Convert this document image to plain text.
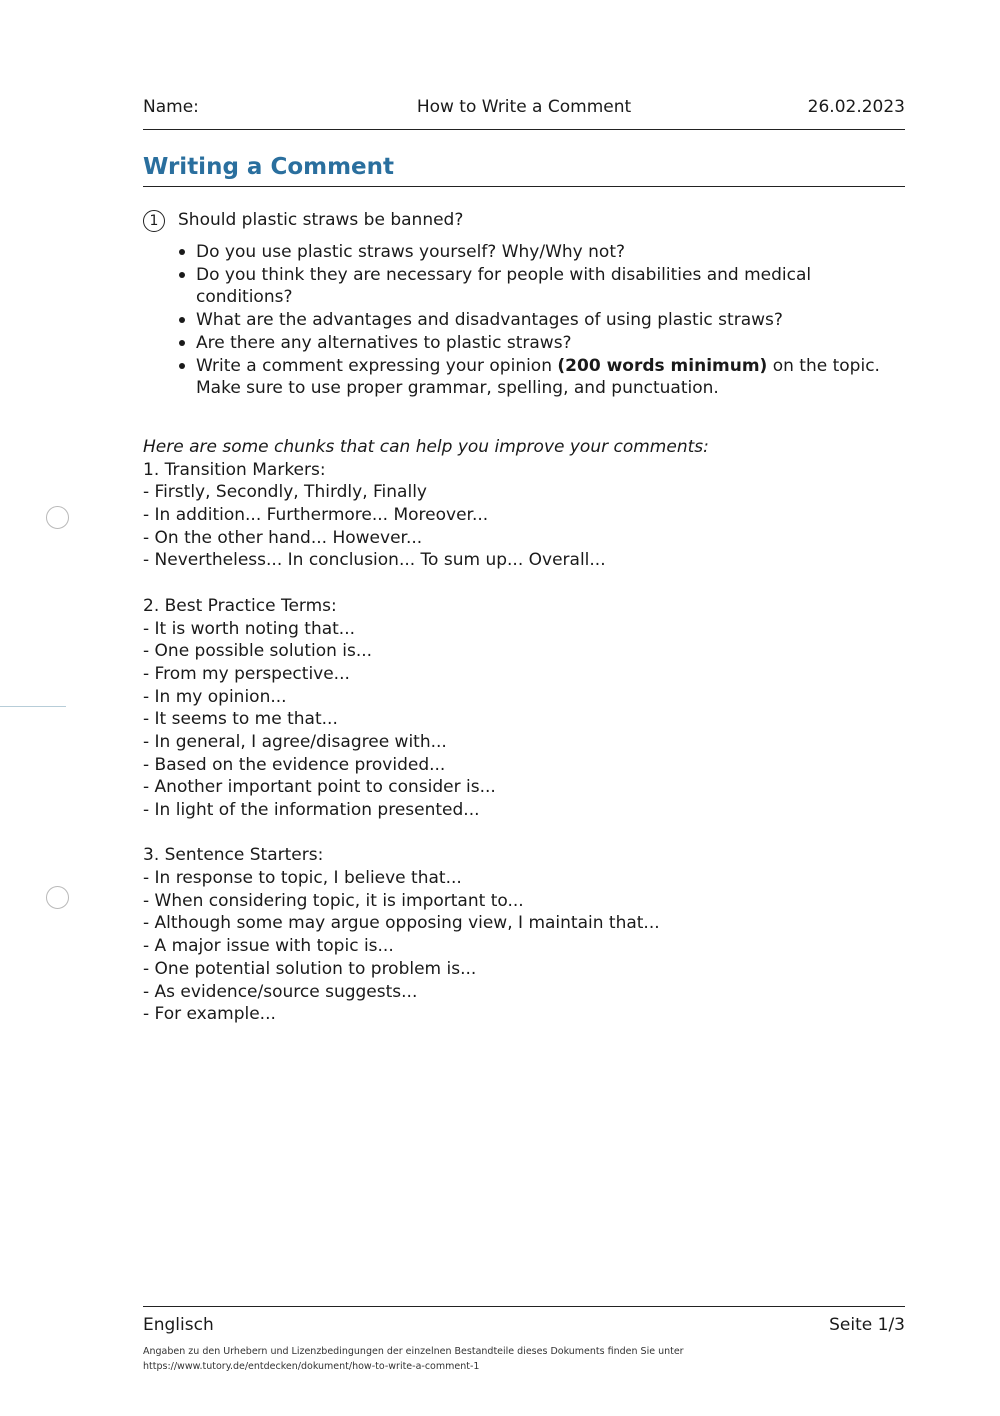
Name:	How to Write a Comment	26.02.2023
Writing a Comment
1	Should plastic straws be banned?
Do you use plastic straws yourself? Why/Why not?
Do you think they are necessary for people with disabilities and medical conditions?
What are the advantages and disadvantages of using plastic straws?
Are there any alternatives to plastic straws?
Write a comment expressing your opinion (200 words minimum) on the topic. Make sure to use proper grammar, spelling, and punctuation.
Here are some chunks that can help you improve your comments:
1. Transition Markers:
- Firstly, Secondly, Thirdly, Finally
- In addition... Furthermore... Moreover...
- On the other hand... However...
- Nevertheless... In conclusion... To sum up... Overall...
2. Best Practice Terms:
- It is worth noting that...
- One possible solution is...
- From my perspective...
- In my opinion...
- It seems to me that...
- In general, I agree/disagree with...
- Based on the evidence provided...
- Another important point to consider is...
- In light of the information presented...
3. Sentence Starters:
- In response to topic, I believe that...
- When considering topic, it is important to...
- Although some may argue opposing view, I maintain that...
- A major issue with topic is...
- One potential solution to problem is...
- As evidence/source suggests...
- For example...
Englisch	Seite 1/3
Angaben zu den Urhebern und Lizenzbedingungen der einzelnen Bestandteile dieses Dokuments finden Sie unter
https://www.tutory.de/entdecken/dokument/how-to-write-a-comment-1
